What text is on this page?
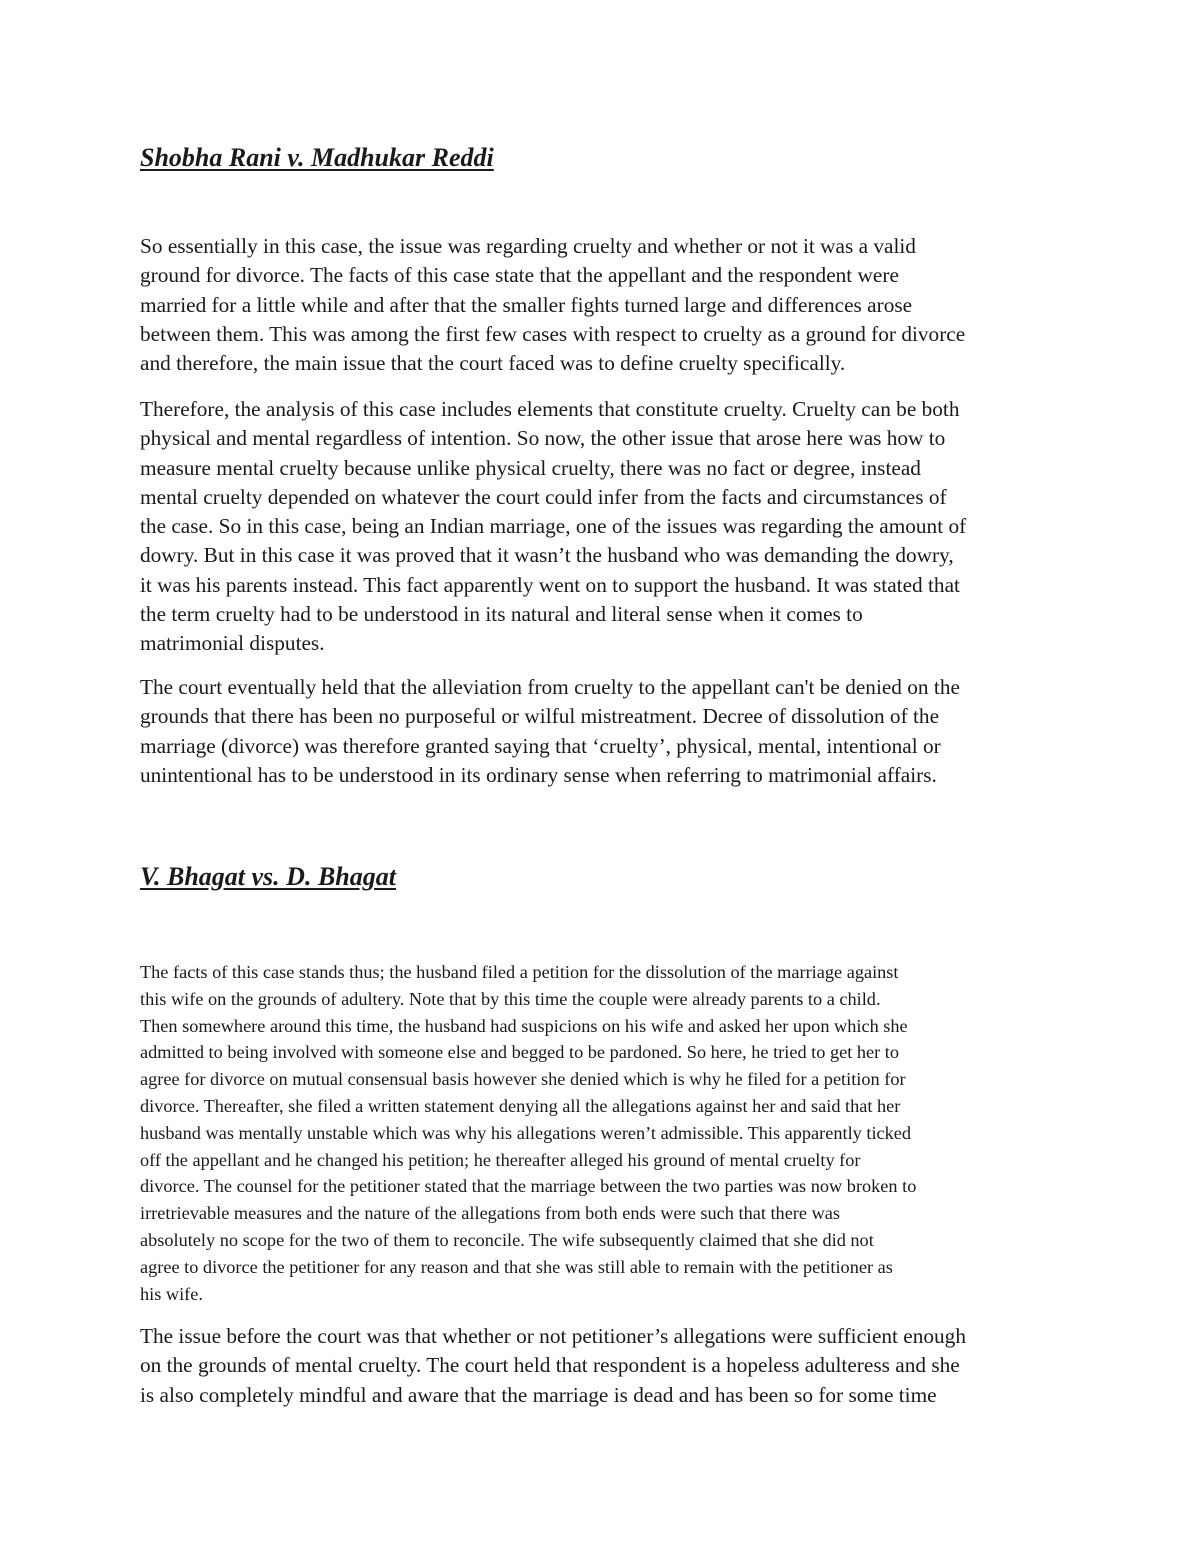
Shobha Rani v. Madhukar Reddi

So essentially in this case, the issue was regarding cruelty and whether or not it was a valid
ground for divorce. The facts of this case state that the appellant and the respondent were
married for a little while and after that the smaller fights turned large and differences arose
between them. This was among the first few cases with respect to cruelty as a ground for divorce
and therefore, the main issue that the court faced was to define cruelty specifically.

Therefore, the analysis of this case includes elements that constitute cruelty. Cruelty can be both
physical and mental regardless of intention. So now, the other issue that arose here was how to
measure mental cruelty because unlike physical cruelty, there was no fact or degree, instead
mental cruelty depended on whatever the court could infer from the facts and circumstances of
the case. So in this case, being an Indian marriage, one of the issues was regarding the amount of
dowry. But in this case it was proved that it wasn’t the husband who was demanding the dowry,
it was his parents instead. This fact apparently went on to support the husband. It was stated that
the term cruelty had to be understood in its natural and literal sense when it comes to
matrimonial disputes.

The court eventually held that the alleviation from cruelty to the appellant can't be denied on the
grounds that there has been no purposeful or wilful mistreatment. Decree of dissolution of the
marriage (divorce) was therefore granted saying that ‘cruelty’, physical, mental, intentional or
unintentional has to be understood in its ordinary sense when referring to matrimonial affairs.

V. Bhagat vs. D. Bhagat

The facts of this case stands thus; the husband filed a petition for the dissolution of the marriage against
this wife on the grounds of adultery. Note that by this time the couple were already parents to a child.
Then somewhere around this time, the husband had suspicions on his wife and asked her upon which she
admitted to being involved with someone else and begged to be pardoned. So here, he tried to get her to
agree for divorce on mutual consensual basis however she denied which is why he filed for a petition for
divorce. Thereafter, she filed a written statement denying all the allegations against her and said that her
husband was mentally unstable which was why his allegations weren’t admissible. This apparently ticked
off the appellant and he changed his petition; he thereafter alleged his ground of mental cruelty for
divorce. The counsel for the petitioner stated that the marriage between the two parties was now broken to
irretrievable measures and the nature of the allegations from both ends were such that there was
absolutely no scope for the two of them to reconcile. The wife subsequently claimed that she did not
agree to divorce the petitioner for any reason and that she was still able to remain with the petitioner as
his wife.

The issue before the court was that whether or not petitioner’s allegations were sufficient enough
on the grounds of mental cruelty. The court held that respondent is a hopeless adulteress and she
is also completely mindful and aware that the marriage is dead and has been so for some time
